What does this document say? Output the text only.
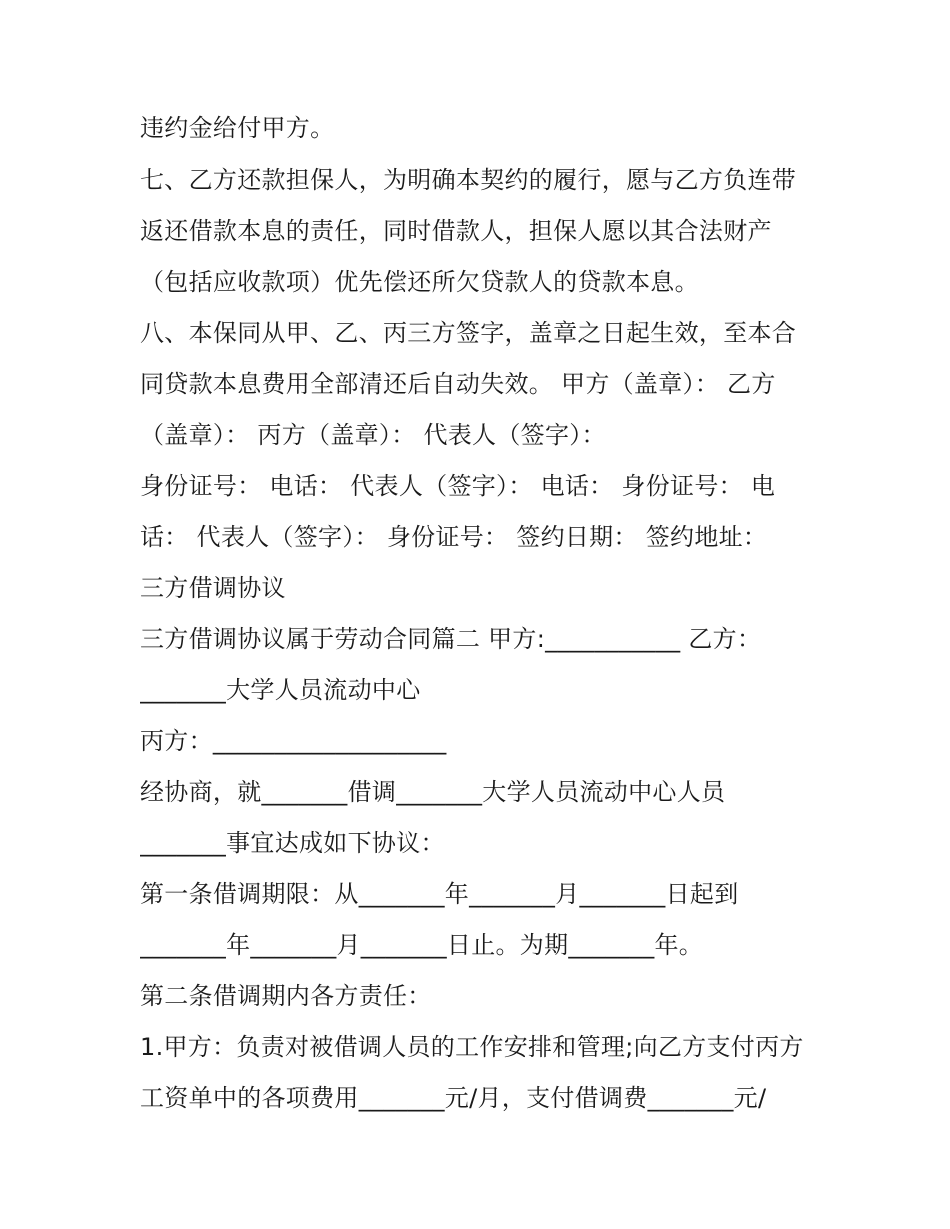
违约金给付甲方。
七、乙方还款担保人，为明确本契约的履行，愿与乙方负连带
返还借款本息的责任，同时借款人，担保人愿以其合法财产
（包括应收款项）优先偿还所欠贷款人的贷款本息。
八、本保同从甲、乙、丙三方签字，盖章之日起生效，至本合
同贷款本息费用全部清还后自动失效。 甲方（盖章）： 乙方
（盖章）： 丙方（盖章）： 代表人（签字）：
身份证号： 电话： 代表人（签字）： 电话： 身份证号： 电
话： 代表人（签字）： 身份证号： 签约日期： 签约地址：
三方借调协议
三方借调协议属于劳动合同篇二 甲方:___________ 乙方：
_______大学人员流动中心
丙方：___________________
经协商，就_______借调_______大学人员流动中心人员
_______事宜达成如下协议：
第一条借调期限：从_______年_______月_______日起到
_______年_______月_______日止。为期_______年。
第二条借调期内各方责任：
1.甲方：负责对被借调人员的工作安排和管理;向乙方支付丙方
工资单中的各项费用_______元/月，支付借调费_______元/
